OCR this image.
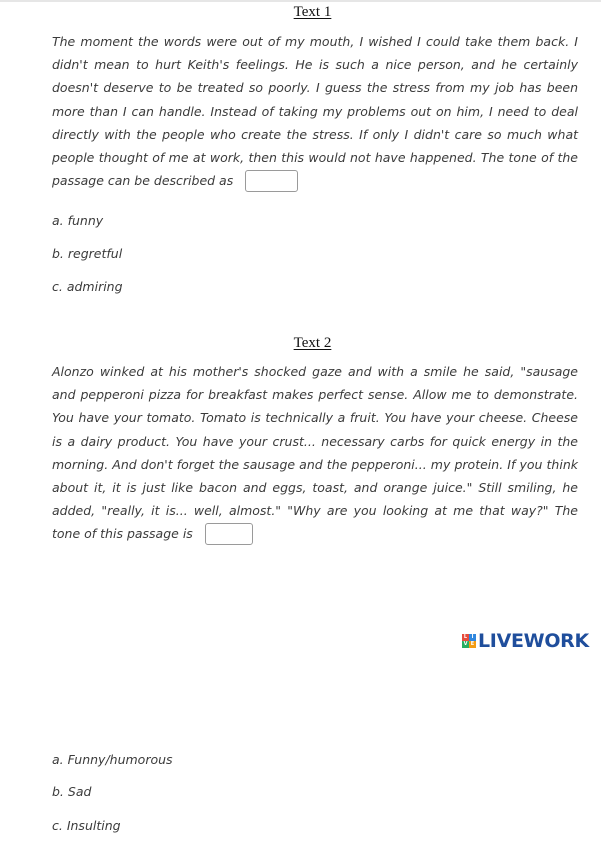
Text 1

The moment the words were out of my mouth, I wished I could take them back. I didn't mean to hurt Keith's feelings. He is such a nice person, and he certainly doesn't deserve to be treated so poorly. I guess the stress from my job has been more than I can handle. Instead of taking my problems out on him, I need to deal directly with the people who create the stress. If only I didn't care so much what people thought of me at work, then this would not have happened. The tone of the passage can be described as

a. funny
b. regretful
c. admiring
Text 2

Alonzo winked at his mother's shocked gaze and with a smile he said, "sausage and pepperoni pizza for breakfast makes perfect sense. Allow me to demonstrate. You have your tomato. Tomato is technically a fruit. You have your cheese. Cheese is a dairy product. You have your crust... necessary carbs for quick energy in the morning. And don't forget the sausage and the pepperoni... my protein. If you think about it, it is just like bacon and eggs, toast, and orange juice." Still smiling, he added, "really, it is... well, almost." "Why are you looking at me that way?" The tone of this passage is

L I
V E LIVEWORK
a. Funny/humorous
b. Sad
c. Insulting
